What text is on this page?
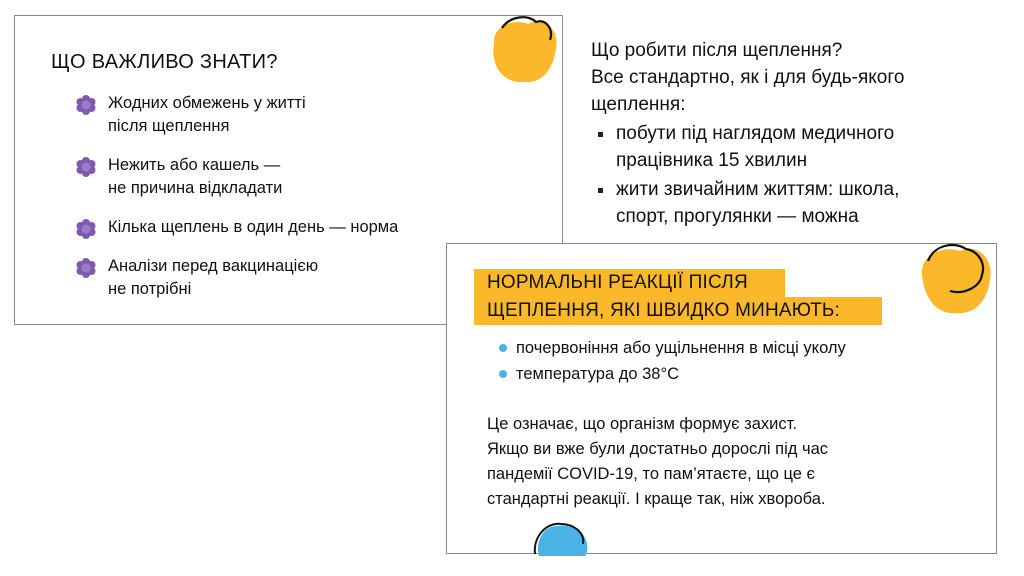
ЩО ВАЖЛИВО ЗНАТИ?
Жодних обмежень у житті
після щеплення
Нежить або кашель —
не причина відкладати
Кілька щеплень в один день — норма
Аналізи перед вакцинацією
не потрібні

Що робити після щеплення?

Все стандартно, як і для будь-якого
щеплення:

побути під наглядом медичного
працівника 15 хвилин
жити звичайним життям: школа,
спорт, прогулянки — можна
НОРМАЛЬНІ РЕАКЦІЇ ПІСЛЯ
ЩЕПЛЕННЯ, ЯКІ ШВИДКО МИНАЮТЬ:
почервоніння або ущільнення в місці уколу
температура до 38°С

Це означає, що організм формує захист.
Якщо ви вже були достатньо дорослі під час
пандемії COVID-19, то пам’ятаєте, що це є
стандартні реакції. І краще так, ніж хвороба.
